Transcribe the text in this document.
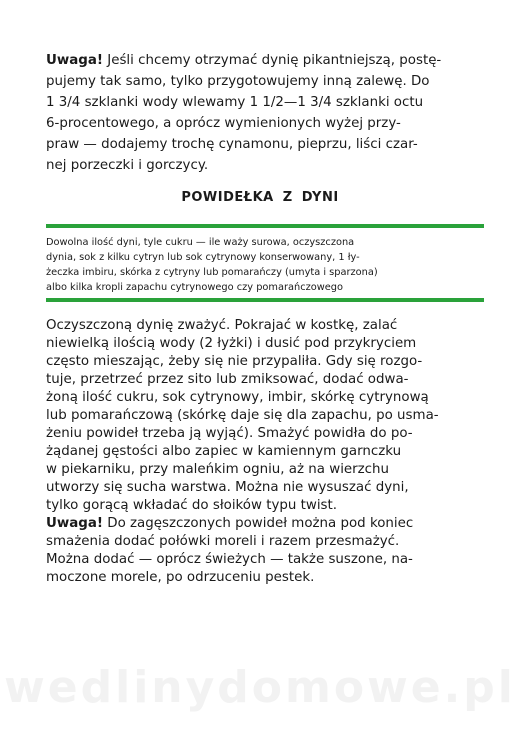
Uwaga! Jeśli chcemy otrzymać dynię pikantniejszą, postę-
pujemy tak samo, tylko przygotowujemy inną zalewę. Do
1 3/4 szklanki wody wlewamy 1 1/2—1 3/4 szklanki octu
6-procentowego, a oprócz wymienionych wyżej przy-
praw — dodajemy trochę cynamonu, pieprzu, liści czar-
nej porzeczki i gorczycy.
POWIDEŁKA Z DYNI
Dowolna ilość dyni, tyle cukru — ile waży surowa, oczyszczona
dynia, sok z kilku cytryn lub sok cytrynowy konserwowany, 1 ły-
żeczka imbiru, skórka z cytryny lub pomarańczy (umyta i sparzona)
albo kilka kropli zapachu cytrynowego czy pomarańczowego
Oczyszczoną dynię zważyć. Pokrajać w kostkę, zalać
niewielką ilością wody (2 łyżki) i dusić pod przykryciem
często mieszając, żeby się nie przypaliła. Gdy się rozgo-
tuje, przetrzeć przez sito lub zmiksować, dodać odwa-
żoną ilość cukru, sok cytrynowy, imbir, skórkę cytrynową
lub pomarańczową (skórkę daje się dla zapachu, po usma-
żeniu powideł trzeba ją wyjąć). Smażyć powidła do po-
żądanej gęstości albo zapiec w kamiennym garnczku
w piekarniku, przy maleńkim ogniu, aż na wierzchu
utworzy się sucha warstwa. Można nie wysuszać dyni,
tylko gorącą wkładać do słoików typu twist.
Uwaga! Do zagęszczonych powideł można pod koniec
smażenia dodać połówki moreli i razem przesmażyć.
Można dodać — oprócz świeżych — także suszone, na-
moczone morele, po odrzuceniu pestek.
wedlinydomowe.pl
